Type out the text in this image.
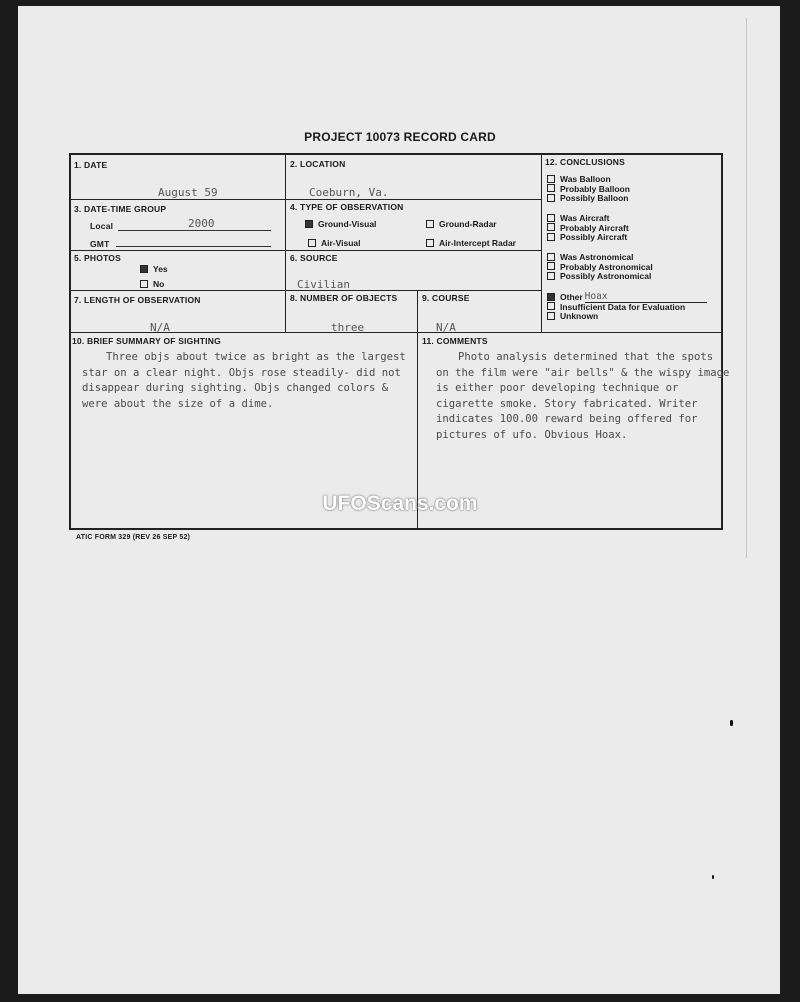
PROJECT 10073 RECORD CARD
1. DATE
August 59
2. LOCATION
Coeburn, Va.
3. DATE-TIME GROUP
Local	2000
GMT
4. TYPE OF OBSERVATION
Ground-Visual	Ground-Radar
Air-Visual	Air-Intercept Radar
5. PHOTOS
Yes
No
6. SOURCE
Civilian
7. LENGTH OF OBSERVATION
N/A
8. NUMBER OF OBJECTS
three
9. COURSE
N/A
10. BRIEF SUMMARY OF SIGHTING
Three objs about twice as bright as the largest star on a clear night. Objs rose steadily- did not disappear during sighting. Objs changed colors & were about the size of a dime.
11. COMMENTS
Photo analysis determined that the spots on the film were "air bells" & the wispy image is either poor developing technique or cigarette smoke. Story fabricated. Writer indicates 100.00 reward being offered for pictures of ufo. Obvious Hoax.
12. CONCLUSIONS
Was Balloon
Probably Balloon
Possibly Balloon
Was Aircraft
Probably Aircraft
Possibly Aircraft
Was Astronomical
Probably Astronomical
Possibly Astronomical
Other Hoax
Insufficient Data for Evaluation
Unknown
ATIC FORM 329 (REV 26 SEP 52)
UFOScans.com
